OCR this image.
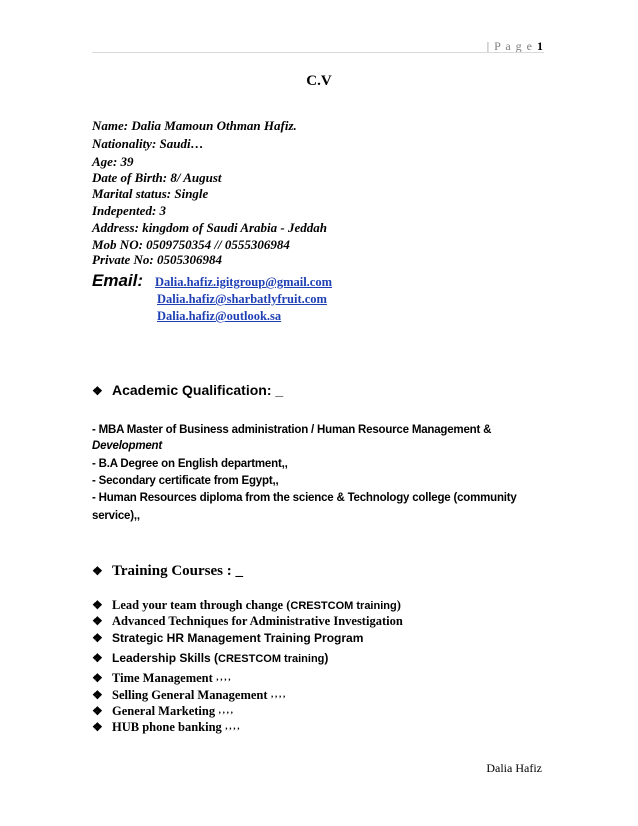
| P a g e 1
C.V
Name: Dalia Mamoun Othman Hafiz.
Nationality: Saudi…
Age: 39
Date of Birth: 8/ August
Marital status: Single
Indepented: 3
Address: kingdom of Saudi Arabia - Jeddah
Mob NO: 0509750354 // 0555306984
Private No: 0505306984
Email: Dalia.hafiz.igitgroup@gmail.com
Dalia.hafiz@sharbatlyfruit.com
Dalia.hafiz@outlook.sa
❖ Academic Qualification: _
- MBA Master of Business administration / Human Resource Management &
Development
- B.A Degree on English department,,
- Secondary certificate from Egypt,,
- Human Resources diploma from the science & Technology college (community
service),,
❖ Training Courses : _
❖ Lead your team through change (CRESTCOM training)
❖ Advanced Techniques for Administrative Investigation
❖ Strategic HR Management Training Program
❖ Leadership Skills (CRESTCOM training)
❖ Time Management ‚‚‚‚
❖ Selling General Management ‚‚‚‚
❖ General Marketing ‚‚‚‚
❖ HUB phone banking ‚‚‚‚
Dalia Hafiz
